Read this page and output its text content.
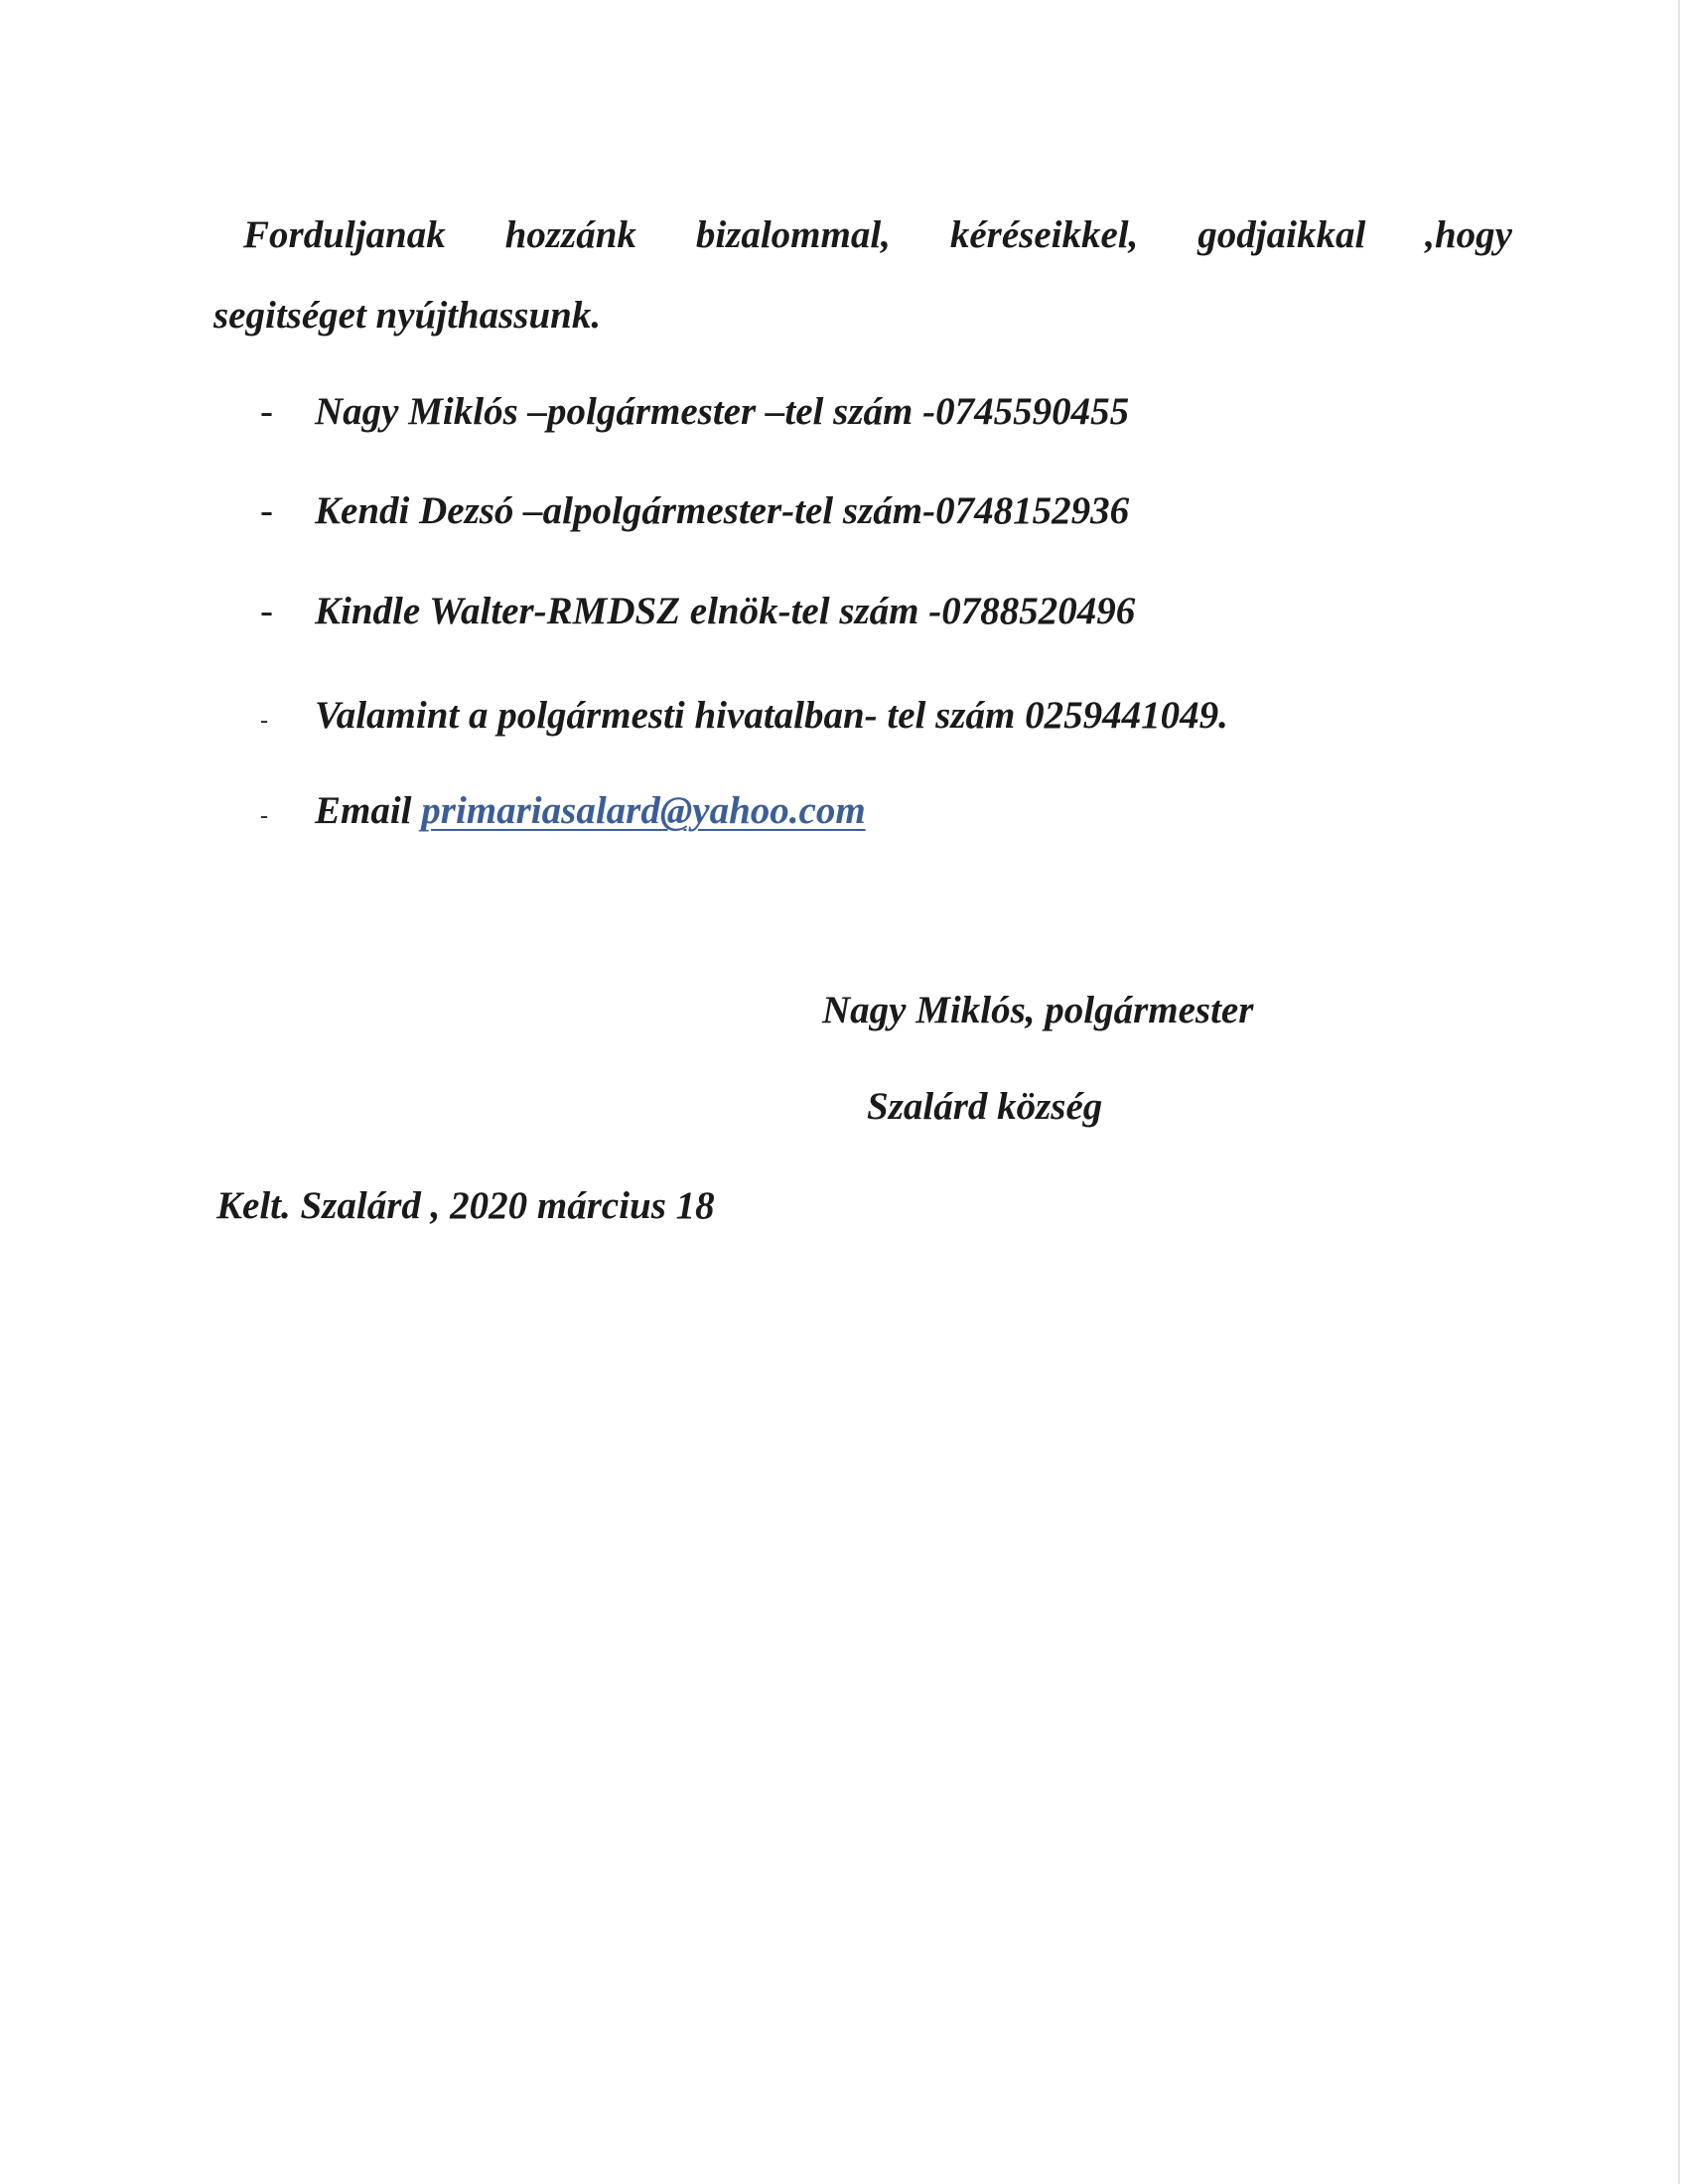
Forduljanak hozzánk bizalommal, kéréseikkel, godjaikkal ,hogy
segitséget nyújthassunk.
- Nagy Miklós –polgármester –tel szám -0745590455
- Kendi Dezsó –alpolgármester-tel szám-0748152936
- Kindle Walter-RMDSZ elnök-tel szám -0788520496
- Valamint a polgármesti hivatalban- tel szám 0259441049.
- Email primariasalard@yahoo.com
Nagy Miklós, polgármester
Szalárd község
Kelt. Szalárd , 2020 március 18
